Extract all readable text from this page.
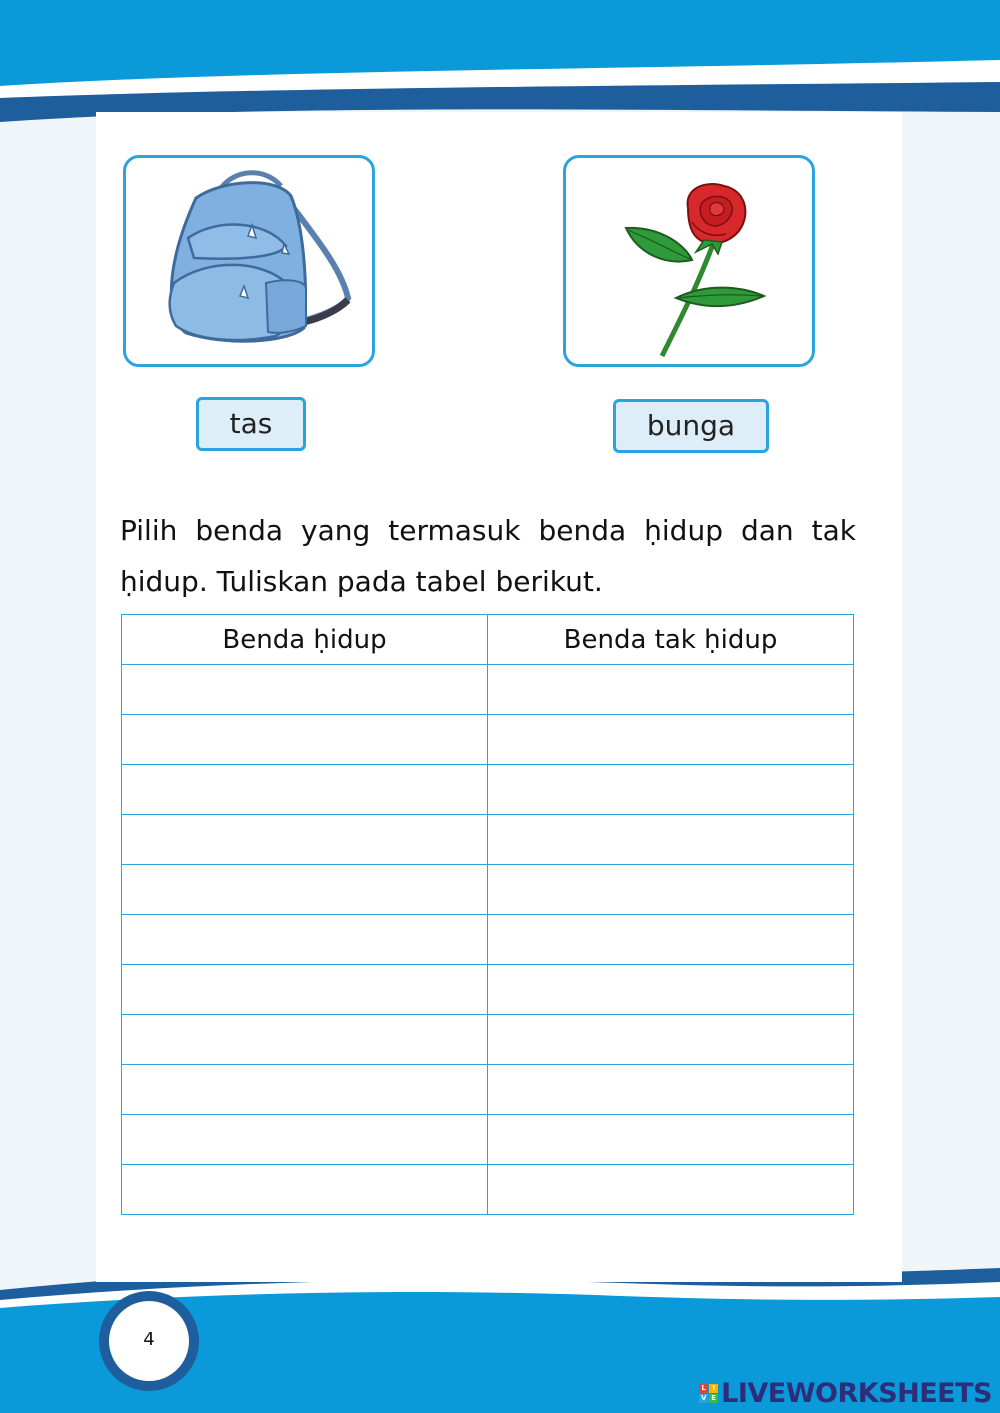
tas	bunga

Pilih benda yang termasuk benda ḥidup dan tak ḥidup. Tuliskan pada tabel berikut.

Benda ḥidup	Benda tak ḥidup

4
L I
V E LIVEWORKSHEETS
